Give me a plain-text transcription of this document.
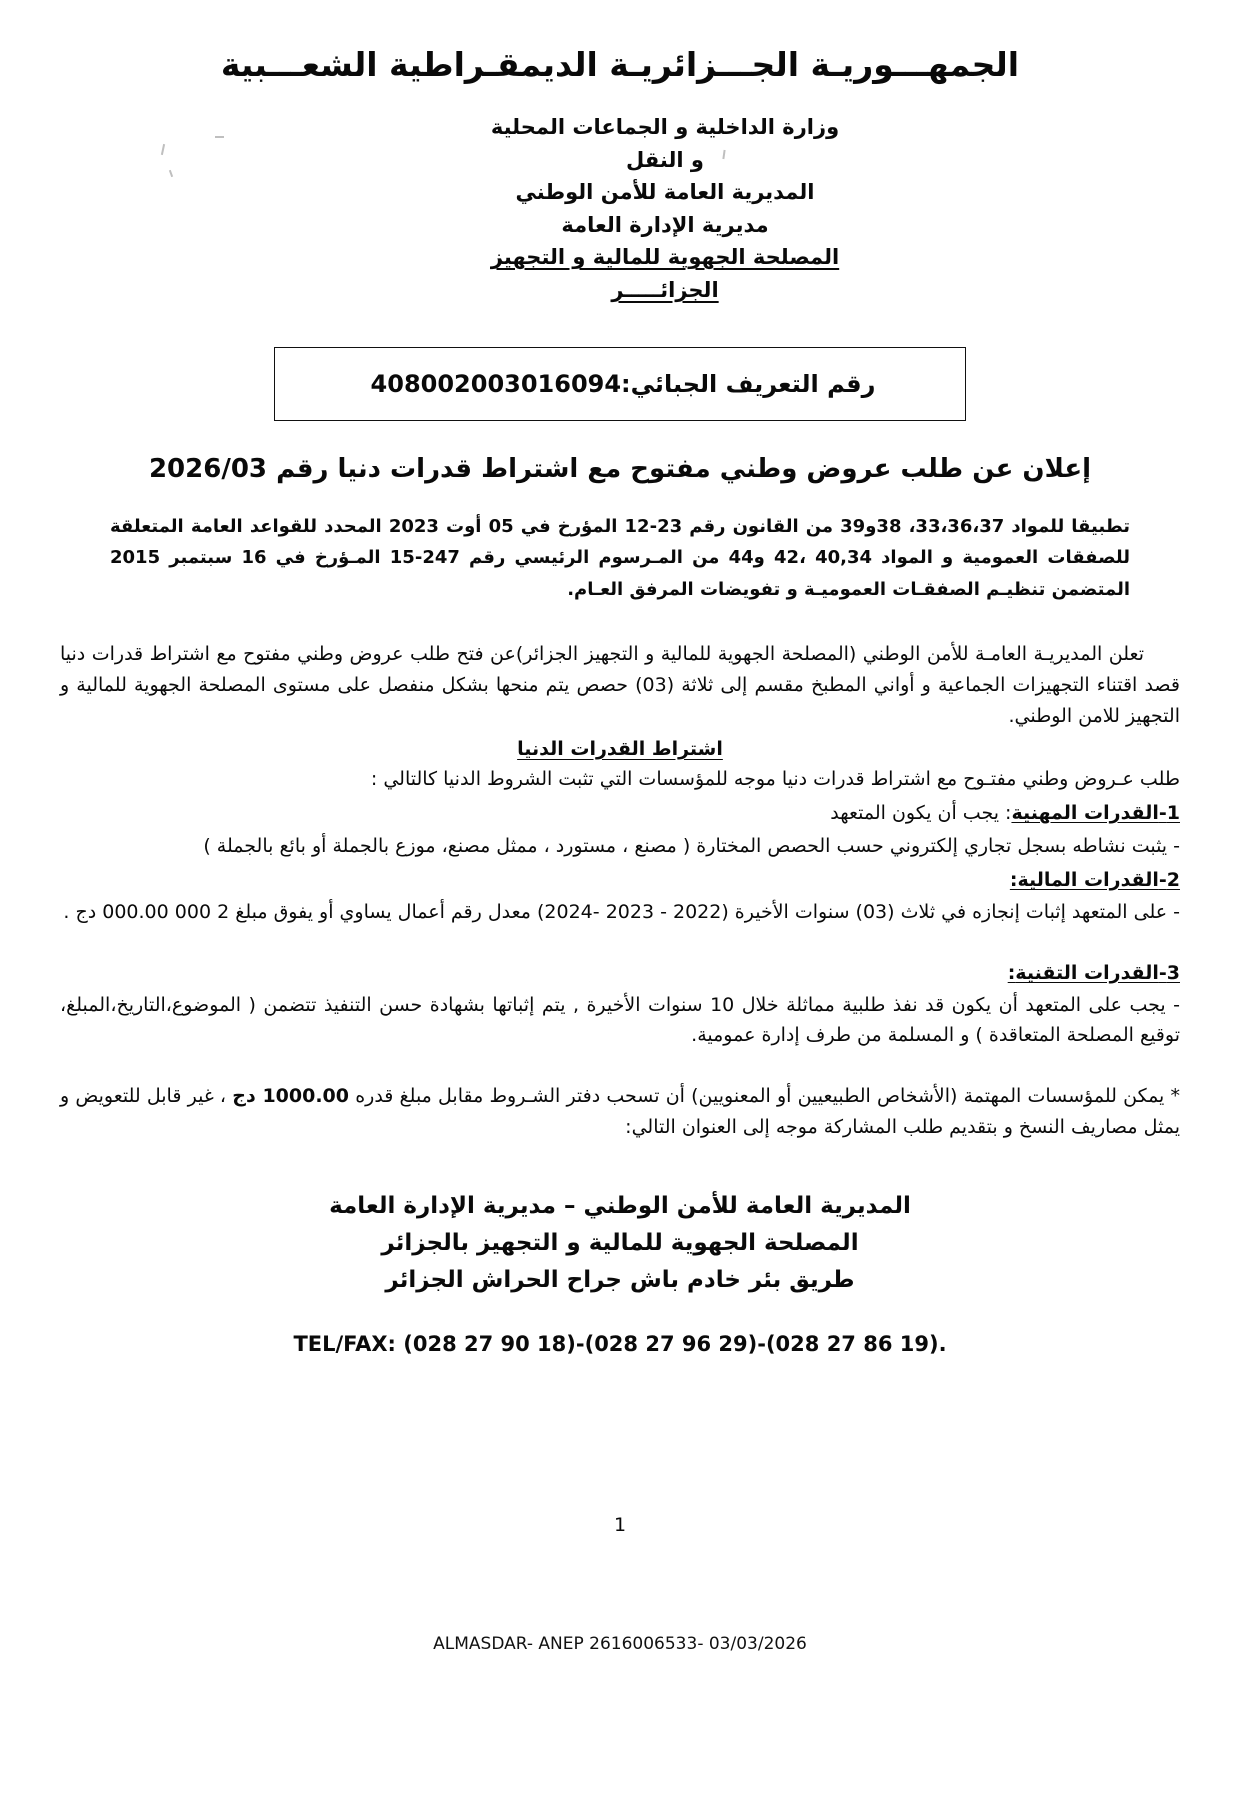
الجمهـــوريـة الجـــزائريـة الديمقـراطية الشعـــبية
وزارة الداخلية و الجماعات المحلية
و النقل
المديرية العامة للأمن الوطني
مديرية الإدارة العامة
المصلحة الجهوية للمالية و التجهيز
الجزائـــــر
رقم التعريف الجبائي:
408002003016094
إعلان عن طلب عروض وطني مفتوح مع اشتراط قدرات دنيا رقم 2026/03
تطبيقا للمواد 33،36،37، 38و39 من القانون رقم 23-12 المؤرخ في 05 أوت 2023 المحدد للقواعد العامة المتعلقة للصفقات العمومية و المواد 40,34 ،42 و44 من المـرسوم الرئيسي رقم 247-15 المـؤرخ في 16 سبتمبر 2015 المتضمن تنظيـم الصفقـات العموميـة و تفويضات المرفق العـام.
تعلن المديريـة العامـة للأمن الوطني (المصلحة الجهوية للمالية و التجهيز الجزائر)عن فتح طلب عروض وطني مفتوح مع اشتراط قدرات دنيا قصد اقتناء التجهيزات الجماعية و أواني المطبخ مقسم إلى ثلاثة (03) حصص يتم منحها بشكل منفصل على مستوى المصلحة الجهوية للمالية و التجهيز للامن الوطني.
اشتراط القدرات الدنيا
طلب عـروض وطني مفتـوح مع اشتراط قدرات دنيا موجه للمؤسسات التي تثبت الشروط الدنيا كالتالي :
1-القدرات المهنية: يجب أن يكون المتعهد
- يثبت نشاطه بسجل تجاري إلكتروني حسب الحصص المختارة ( مصنع ، مستورد ، ممثل مصنع، موزع بالجملة أو بائع بالجملة )
2-القدرات المالية:
- على المتعهد إثبات إنجازه في ثلاث (03) سنوات الأخيرة (2022 - 2023 -2024) معدل رقم أعمال يساوي أو يفوق مبلغ 2 000 000.00 دج .
3-القدرات التقنية:
- يجب على المتعهد أن يكون قد نفذ طلبية مماثلة خلال 10 سنوات الأخيرة , يتم إثباتها بشهادة حسن التنفيذ تتضمن ( الموضوع،التاريخ،المبلغ، توقيع المصلحة المتعاقدة ) و المسلمة من طرف إدارة عمومية.
* يمكن للمؤسسات المهتمة (الأشخاص الطبيعيين أو المعنويين) أن تسحب دفتر الشـروط مقابل مبلغ قدره 1000.00 دج ، غير قابل للتعويض و يمثل مصاريف النسخ و بتقديم طلب المشاركة موجه إلى العنوان التالي:
المديرية العامة للأمن الوطني – مديرية الإدارة العامة
المصلحة الجهوية للمالية و التجهيز بالجزائر
طريق بئر خادم باش جراح الحراش الجزائر
TEL/FAX: (028 27 90 18)-(028 27 96 29)-(028 27 86 19).
1
ALMASDAR- ANEP 2616006533- 03/03/2026
